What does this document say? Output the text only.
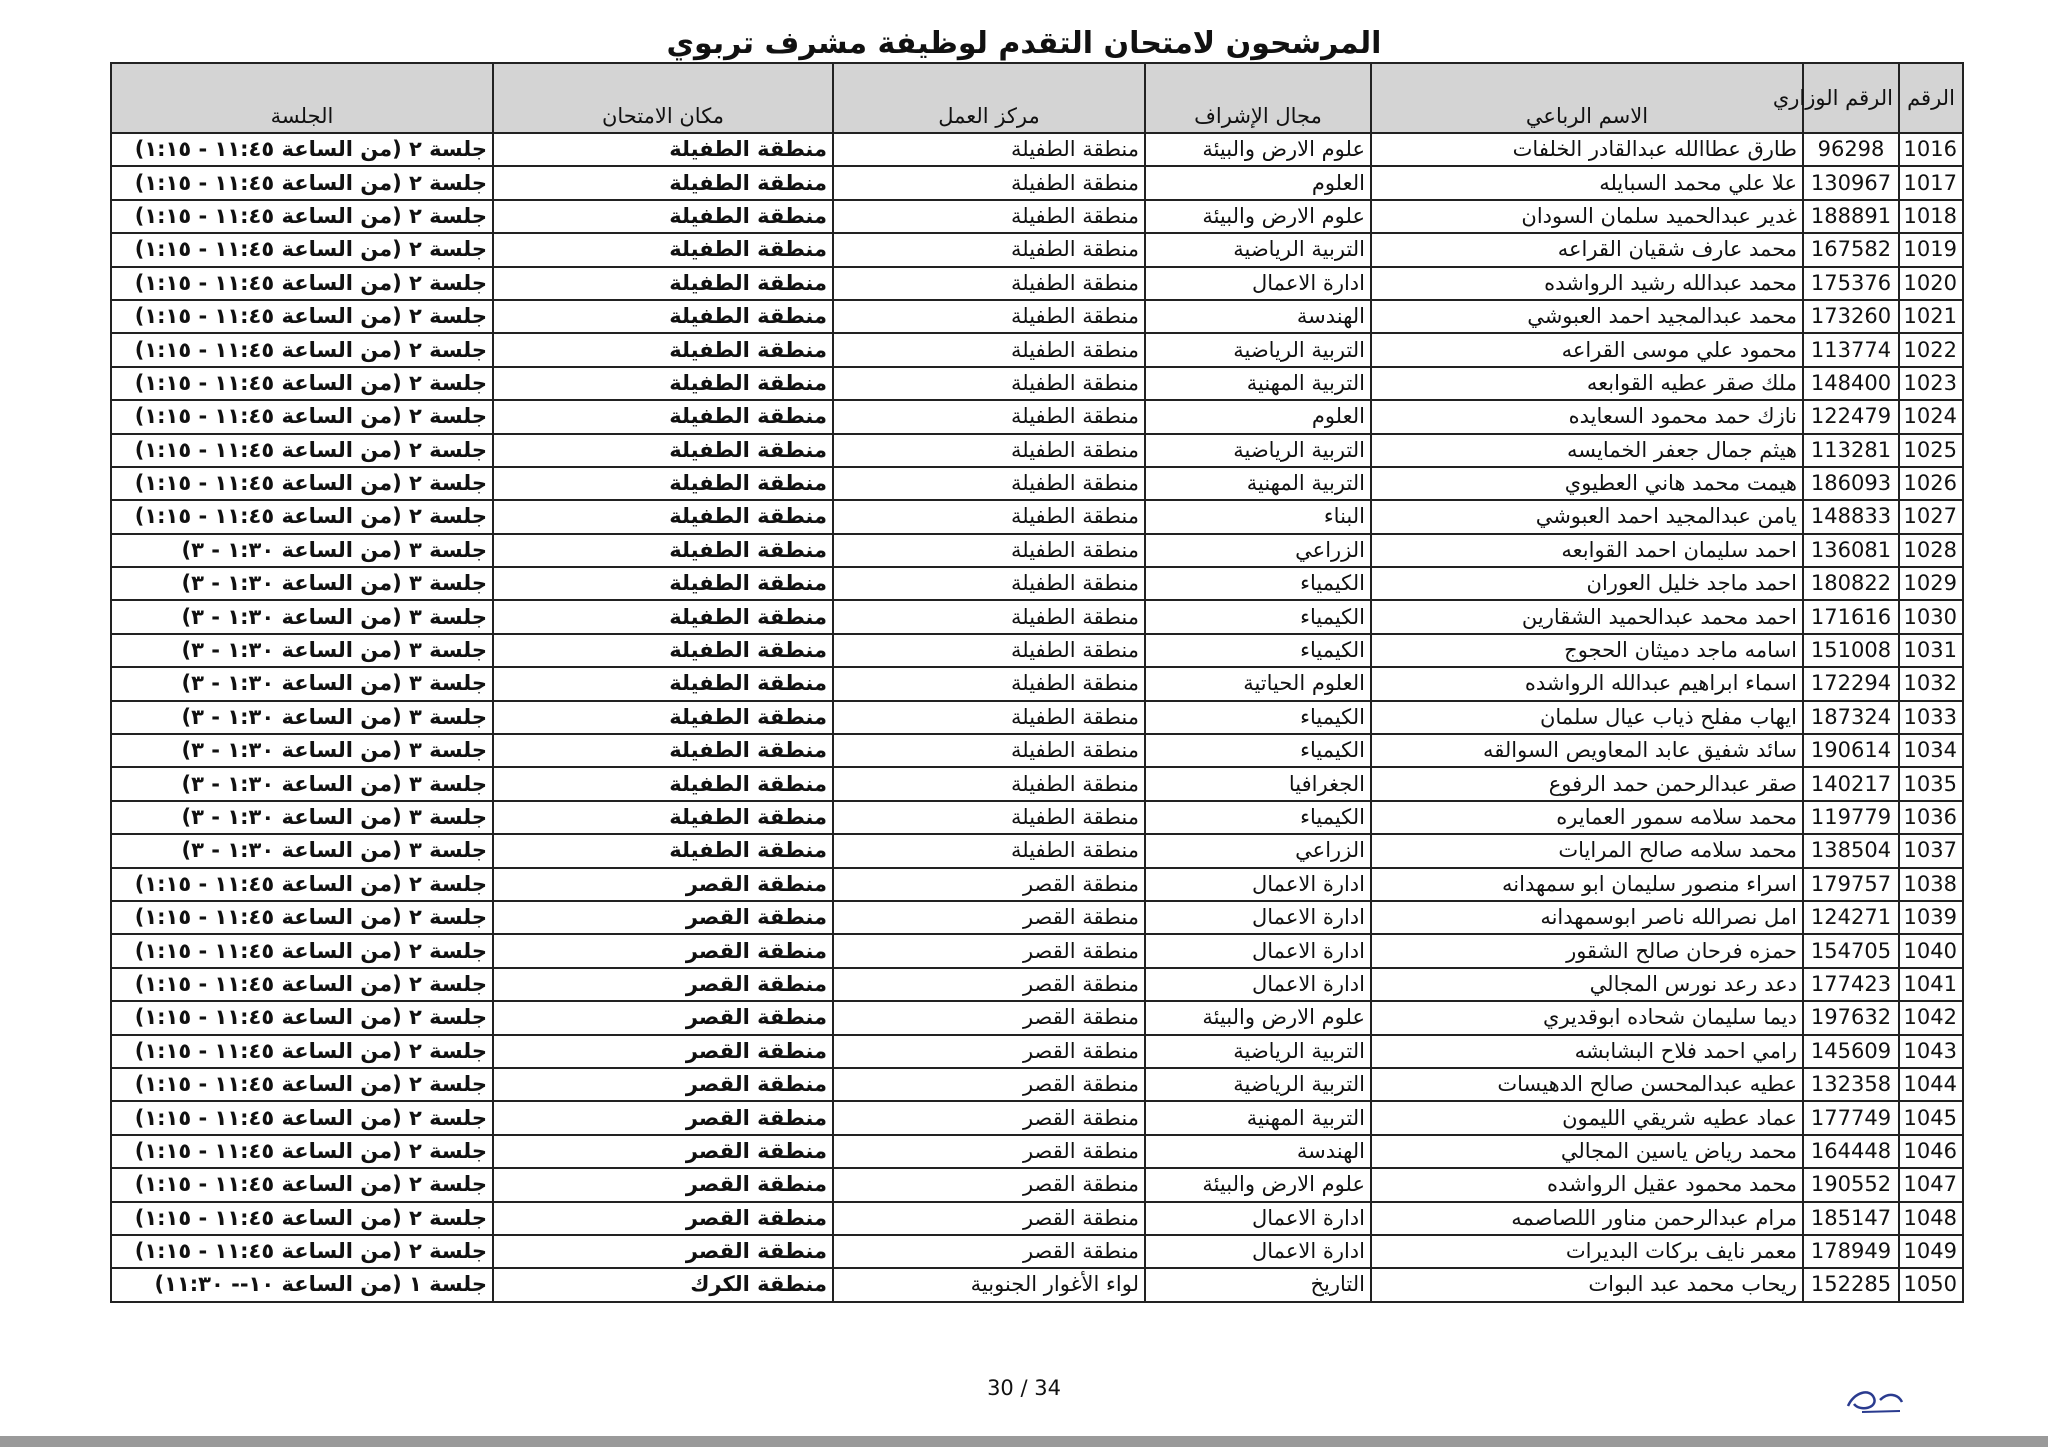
المرشحون لامتحان التقدم لوظيفة مشرف تربوي
الرقم	الرقم الوزاري	الاسم الرباعي	مجال الإشراف	مركز العمل	مكان الامتحان	الجلسة
1016	96298	طارق عطاالله عبدالقادر الخلفات	علوم الارض والبيئة	منطقة الطفيلة	منطقة الطفيلة	جلسة ٢ (من الساعة ١١:٤٥ - ١:١٥)
1017	130967	علا علي محمد السبايله	العلوم	منطقة الطفيلة	منطقة الطفيلة	جلسة ٢ (من الساعة ١١:٤٥ - ١:١٥)
1018	188891	غدير عبدالحميد سلمان السودان	علوم الارض والبيئة	منطقة الطفيلة	منطقة الطفيلة	جلسة ٢ (من الساعة ١١:٤٥ - ١:١٥)
1019	167582	محمد عارف شقيان القراعه	التربية الرياضية	منطقة الطفيلة	منطقة الطفيلة	جلسة ٢ (من الساعة ١١:٤٥ - ١:١٥)
1020	175376	محمد عبدالله رشيد الرواشده	ادارة الاعمال	منطقة الطفيلة	منطقة الطفيلة	جلسة ٢ (من الساعة ١١:٤٥ - ١:١٥)
1021	173260	محمد عبدالمجيد احمد العبوشي	الهندسة	منطقة الطفيلة	منطقة الطفيلة	جلسة ٢ (من الساعة ١١:٤٥ - ١:١٥)
1022	113774	محمود علي موسى القراعه	التربية الرياضية	منطقة الطفيلة	منطقة الطفيلة	جلسة ٢ (من الساعة ١١:٤٥ - ١:١٥)
1023	148400	ملك صقر عطيه القوابعه	التربية المهنية	منطقة الطفيلة	منطقة الطفيلة	جلسة ٢ (من الساعة ١١:٤٥ - ١:١٥)
1024	122479	نازك حمد محمود السعايده	العلوم	منطقة الطفيلة	منطقة الطفيلة	جلسة ٢ (من الساعة ١١:٤٥ - ١:١٥)
1025	113281	هيثم جمال جعفر الخمايسه	التربية الرياضية	منطقة الطفيلة	منطقة الطفيلة	جلسة ٢ (من الساعة ١١:٤٥ - ١:١٥)
1026	186093	هيمت محمد هاني العطيوي	التربية المهنية	منطقة الطفيلة	منطقة الطفيلة	جلسة ٢ (من الساعة ١١:٤٥ - ١:١٥)
1027	148833	يامن عبدالمجيد احمد العبوشي	البناء	منطقة الطفيلة	منطقة الطفيلة	جلسة ٢ (من الساعة ١١:٤٥ - ١:١٥)
1028	136081	احمد سليمان احمد القوابعه	الزراعي	منطقة الطفيلة	منطقة الطفيلة	جلسة ٣ (من الساعة ١:٣٠ - ٣)
1029	180822	احمد ماجد خليل العوران	الكيمياء	منطقة الطفيلة	منطقة الطفيلة	جلسة ٣ (من الساعة ١:٣٠ - ٣)
1030	171616	احمد محمد عبدالحميد الشقارين	الكيمياء	منطقة الطفيلة	منطقة الطفيلة	جلسة ٣ (من الساعة ١:٣٠ - ٣)
1031	151008	اسامه ماجد دميثان الحجوج	الكيمياء	منطقة الطفيلة	منطقة الطفيلة	جلسة ٣ (من الساعة ١:٣٠ - ٣)
1032	172294	اسماء ابراهيم عبدالله الرواشده	العلوم الحياتية	منطقة الطفيلة	منطقة الطفيلة	جلسة ٣ (من الساعة ١:٣٠ - ٣)
1033	187324	ايهاب مفلح ذياب عيال سلمان	الكيمياء	منطقة الطفيلة	منطقة الطفيلة	جلسة ٣ (من الساعة ١:٣٠ - ٣)
1034	190614	سائد شفيق عابد المعاويص السوالقه	الكيمياء	منطقة الطفيلة	منطقة الطفيلة	جلسة ٣ (من الساعة ١:٣٠ - ٣)
1035	140217	صقر عبدالرحمن حمد الرفوع	الجغرافيا	منطقة الطفيلة	منطقة الطفيلة	جلسة ٣ (من الساعة ١:٣٠ - ٣)
1036	119779	محمد سلامه سمور العمايره	الكيمياء	منطقة الطفيلة	منطقة الطفيلة	جلسة ٣ (من الساعة ١:٣٠ - ٣)
1037	138504	محمد سلامه صالح المرايات	الزراعي	منطقة الطفيلة	منطقة الطفيلة	جلسة ٣ (من الساعة ١:٣٠ - ٣)
1038	179757	اسراء منصور سليمان ابو سمهدانه	ادارة الاعمال	منطقة القصر	منطقة القصر	جلسة ٢ (من الساعة ١١:٤٥ - ١:١٥)
1039	124271	امل نصرالله ناصر ابوسمهدانه	ادارة الاعمال	منطقة القصر	منطقة القصر	جلسة ٢ (من الساعة ١١:٤٥ - ١:١٥)
1040	154705	حمزه فرحان صالح الشقور	ادارة الاعمال	منطقة القصر	منطقة القصر	جلسة ٢ (من الساعة ١١:٤٥ - ١:١٥)
1041	177423	دعد رعد نورس المجالي	ادارة الاعمال	منطقة القصر	منطقة القصر	جلسة ٢ (من الساعة ١١:٤٥ - ١:١٥)
1042	197632	ديما سليمان شحاده ابوقديري	علوم الارض والبيئة	منطقة القصر	منطقة القصر	جلسة ٢ (من الساعة ١١:٤٥ - ١:١٥)
1043	145609	رامي احمد فلاح البشابشه	التربية الرياضية	منطقة القصر	منطقة القصر	جلسة ٢ (من الساعة ١١:٤٥ - ١:١٥)
1044	132358	عطيه عبدالمحسن صالح الدهيسات	التربية الرياضية	منطقة القصر	منطقة القصر	جلسة ٢ (من الساعة ١١:٤٥ - ١:١٥)
1045	177749	عماد عطيه شريقي الليمون	التربية المهنية	منطقة القصر	منطقة القصر	جلسة ٢ (من الساعة ١١:٤٥ - ١:١٥)
1046	164448	محمد رياض ياسين المجالي	الهندسة	منطقة القصر	منطقة القصر	جلسة ٢ (من الساعة ١١:٤٥ - ١:١٥)
1047	190552	محمد محمود عقيل الرواشده	علوم الارض والبيئة	منطقة القصر	منطقة القصر	جلسة ٢ (من الساعة ١١:٤٥ - ١:١٥)
1048	185147	مرام عبدالرحمن مناور اللصاصمه	ادارة الاعمال	منطقة القصر	منطقة القصر	جلسة ٢ (من الساعة ١١:٤٥ - ١:١٥)
1049	178949	معمر نايف بركات البديرات	ادارة الاعمال	منطقة القصر	منطقة القصر	جلسة ٢ (من الساعة ١١:٤٥ - ١:١٥)
1050	152285	ريحاب محمد عبد البوات	التاريخ	لواء الأغوار الجنوبية	منطقة الكرك	جلسة ١ (من الساعة ١٠-- ١١:٣٠)
30 / 34
